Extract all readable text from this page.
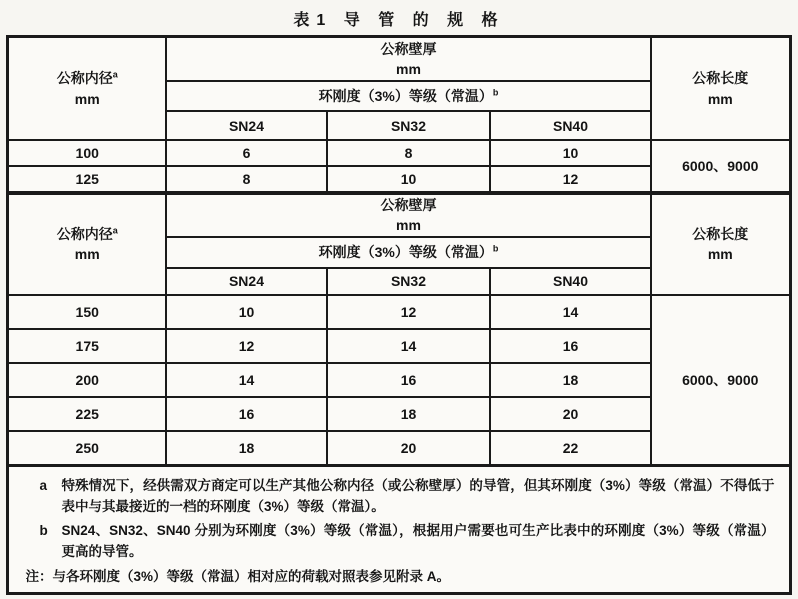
表1 导 管 的 规 格
公称内径$^a$
mm

公称壁厚
mm

公称长度
mm

	环刚度（3%）等级（常温）$^b$
	SN24	SN32	SN40	
100	6	8	10	6000、9000
125	8	10	12	

公称内径$^a$
mm

公称壁厚
mm

公称长度
mm

	环刚度（3%）等级（常温）$^b$
	SN24	SN32	SN40	
150	10	12	14	6000、9000
175	12	14	16	
200	14	16	18	
225	16	18	20	
250	18	20	22	

a 特殊情况下，经供需双方商定可以生产其他公称内径（或公称壁厚）的导管，但其环刚度（3%）等级（常温）不得低于表中与其最接近的一档的环刚度（3%）等级（常温）。
b SN24、SN32、SN40 分别为环刚度（3%）等级（常温），根据用户需要也可生产比表中的环刚度（3%）等级（常温）更高的导管。
注：与各环刚度（3%）等级（常温）相对应的荷载对照表参见附录 A。				
